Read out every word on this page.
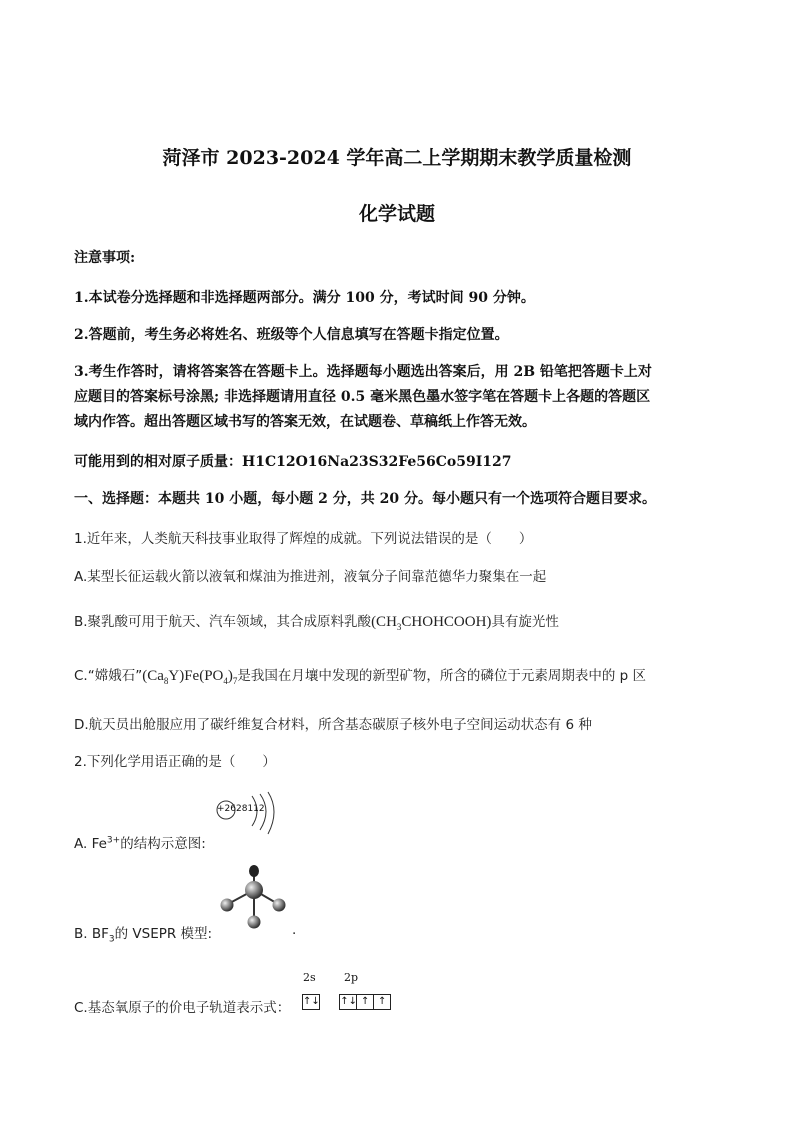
菏泽市 2023-2024 学年高二上学期期末教学质量检测
化学试题
注意事项:
1.本试卷分选择题和非选择题两部分。满分 100 分，考试时间 90 分钟。
2.答题前，考生务必将姓名、班级等个人信息填写在答题卡指定位置。
3.考生作答时，请将答案答在答题卡上。选择题每小题选出答案后，用 2B 铅笔把答题卡上对
应题目的答案标号涂黑; 非选择题请用直径 0.5 毫米黑色墨水签字笔在答题卡上各题的答题区
域内作答。超出答题区域书写的答案无效，在试题卷、草稿纸上作答无效。
可能用到的相对原子质量：H1C12O16Na23S32Fe56Co59I127
一、选择题：本题共 10 小题，每小题 2 分，共 20 分。每小题只有一个选项符合题目要求。
1.近年来，人类航天科技事业取得了辉煌的成就。下列说法错误的是（　　）
A.某型长征运载火箭以液氧和煤油为推进剂，液氧分子间靠范德华力聚集在一起
B.聚乳酸可用于航天、汽车领域，其合成原料乳酸$(CH_3CHOHCOOH)$具有旋光性
C.“嫦娥石$”(Ca_8Y)Fe(PO_4)_7$是我国在月壤中发现的新型矿物，所含的磷位于元素周期表中的 p 区
D.航天员出舱服应用了碳纤维复合材料，所含基态碳原子核外电子空间运动状态有 6 种
2.下列化学用语正确的是（　　）
A. $Fe^{3+}$的结构示意图:
+2628112
B. $BF_3$的 VSEPR 模型:	.
C.基态氧原子的价电子轨道表示式：
2s	2p
↑↓ ↑↓ ↑ ↑
